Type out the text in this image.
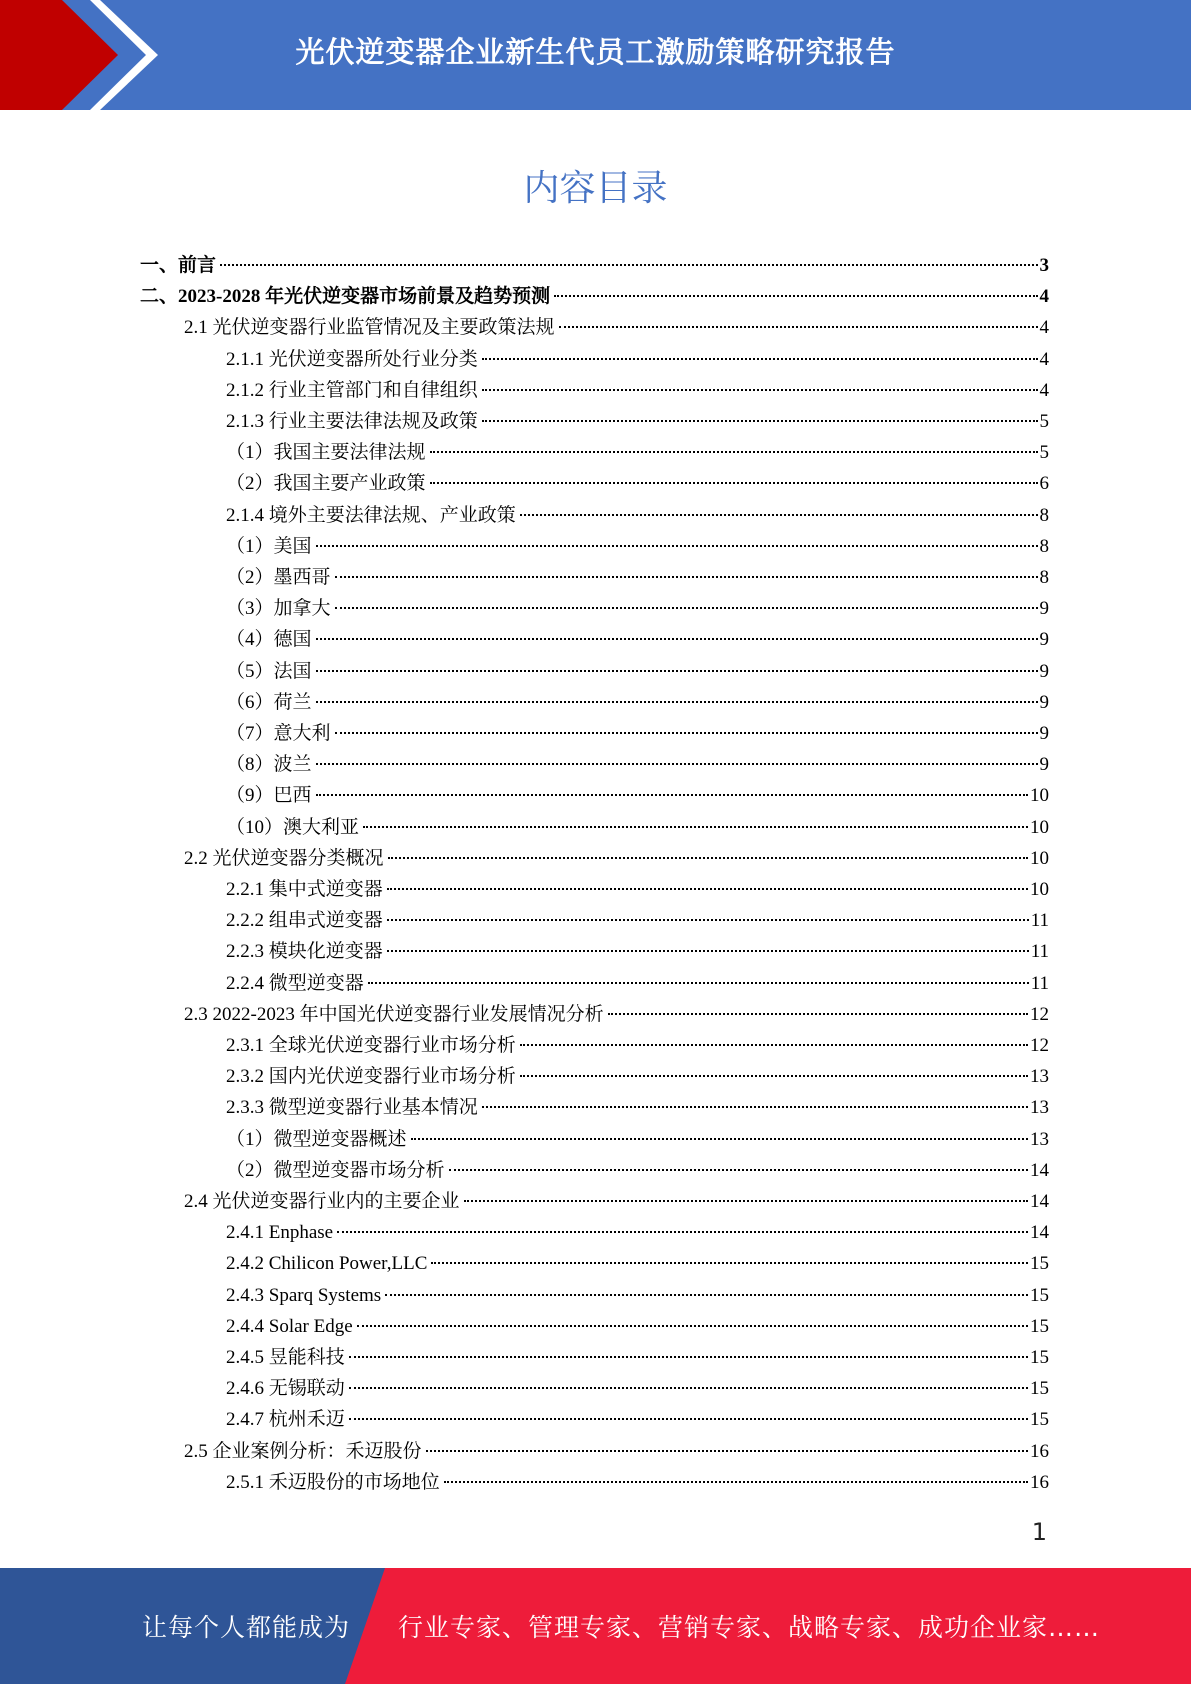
光伏逆变器企业新生代员工激励策略研究报告
内容目录
一、前言	3
二、2023-2028 年光伏逆变器市场前景及趋势预测	4
2.1 光伏逆变器行业监管情况及主要政策法规	4
2.1.1 光伏逆变器所处行业分类	4
2.1.2 行业主管部门和自律组织	4
2.1.3 行业主要法律法规及政策	5
（1）我国主要法律法规	5
（2）我国主要产业政策	6
2.1.4 境外主要法律法规、产业政策	8
（1）美国	8
（2）墨西哥	8
（3）加拿大	9
（4）德国	9
（5）法国	9
（6）荷兰	9
（7）意大利	9
（8）波兰	9
（9）巴西	10
（10）澳大利亚	10
2.2 光伏逆变器分类概况	10
2.2.1 集中式逆变器	10
2.2.2 组串式逆变器	11
2.2.3 模块化逆变器	11
2.2.4 微型逆变器	11
2.3 2022-2023 年中国光伏逆变器行业发展情况分析	12
2.3.1 全球光伏逆变器行业市场分析	12
2.3.2 国内光伏逆变器行业市场分析	13
2.3.3 微型逆变器行业基本情况	13
（1）微型逆变器概述	13
（2）微型逆变器市场分析	14
2.4 光伏逆变器行业内的主要企业	14
2.4.1 Enphase	14
2.4.2 Chilicon Power,LLC	15
2.4.3 Sparq Systems	15
2.4.4 Solar Edge	15
2.4.5 昱能科技	15
2.4.6 无锡联动	15
2.4.7 杭州禾迈	15
2.5 企业案例分析：禾迈股份	16
2.5.1 禾迈股份的市场地位	16
1
让每个人都能成为 行业专家、管理专家、营销专家、战略专家、成功企业家……
